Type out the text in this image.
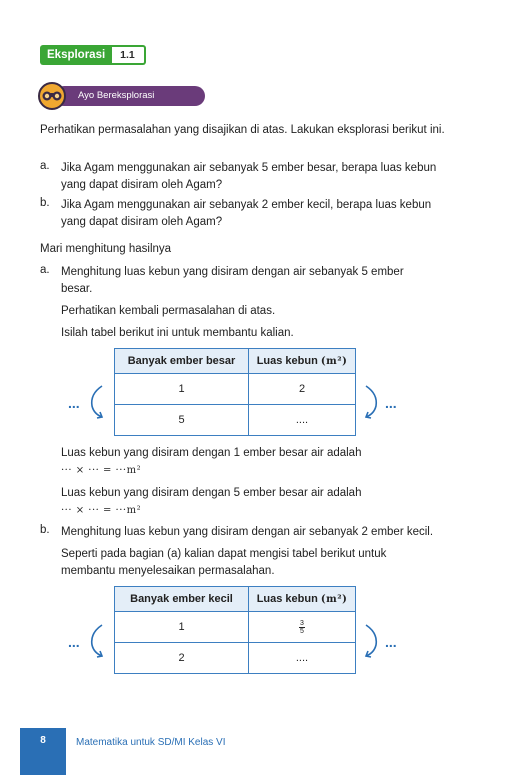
Eksplorasi	1.1
Ayo Bereksplorasi

Perhatikan permasalahan yang disajikan di atas. Lakukan eksplorasi berikut ini.

a. Jika Agam menggunakan air sebanyak 5 ember besar, berapa luas kebun

yang dapat disiram oleh Agam?

b. Jika Agam menggunakan air sebanyak 2 ember kecil, berapa luas kebun

yang dapat disiram oleh Agam?

Mari menghitung hasilnya

a. Menghitung luas kebun yang disiram dengan air sebanyak 5 ember

besar.

Perhatikan kembali permasalahan di atas.

Isilah tabel berikut ini untuk membantu kalian.

Banyak ember besar	Luas kebun (m²)
1	2
5	....
...	...

Luas kebun yang disiram dengan 1 ember besar air adalah

··· × ··· = ···m²

Luas kebun yang disiram dengan 5 ember besar air adalah

··· × ··· = ···m²

b. Menghitung luas kebun yang disiram dengan air sebanyak 2 ember kecil.

Seperti pada bagian (a) kalian dapat mengisi tabel berikut untuk

membantu menyelesaikan permasalahan.

Banyak ember kecil	Luas kebun (m²)
1	$\frac{3}{5}$

2	....
...	...
8	Matematika untuk SD/MI Kelas VI
